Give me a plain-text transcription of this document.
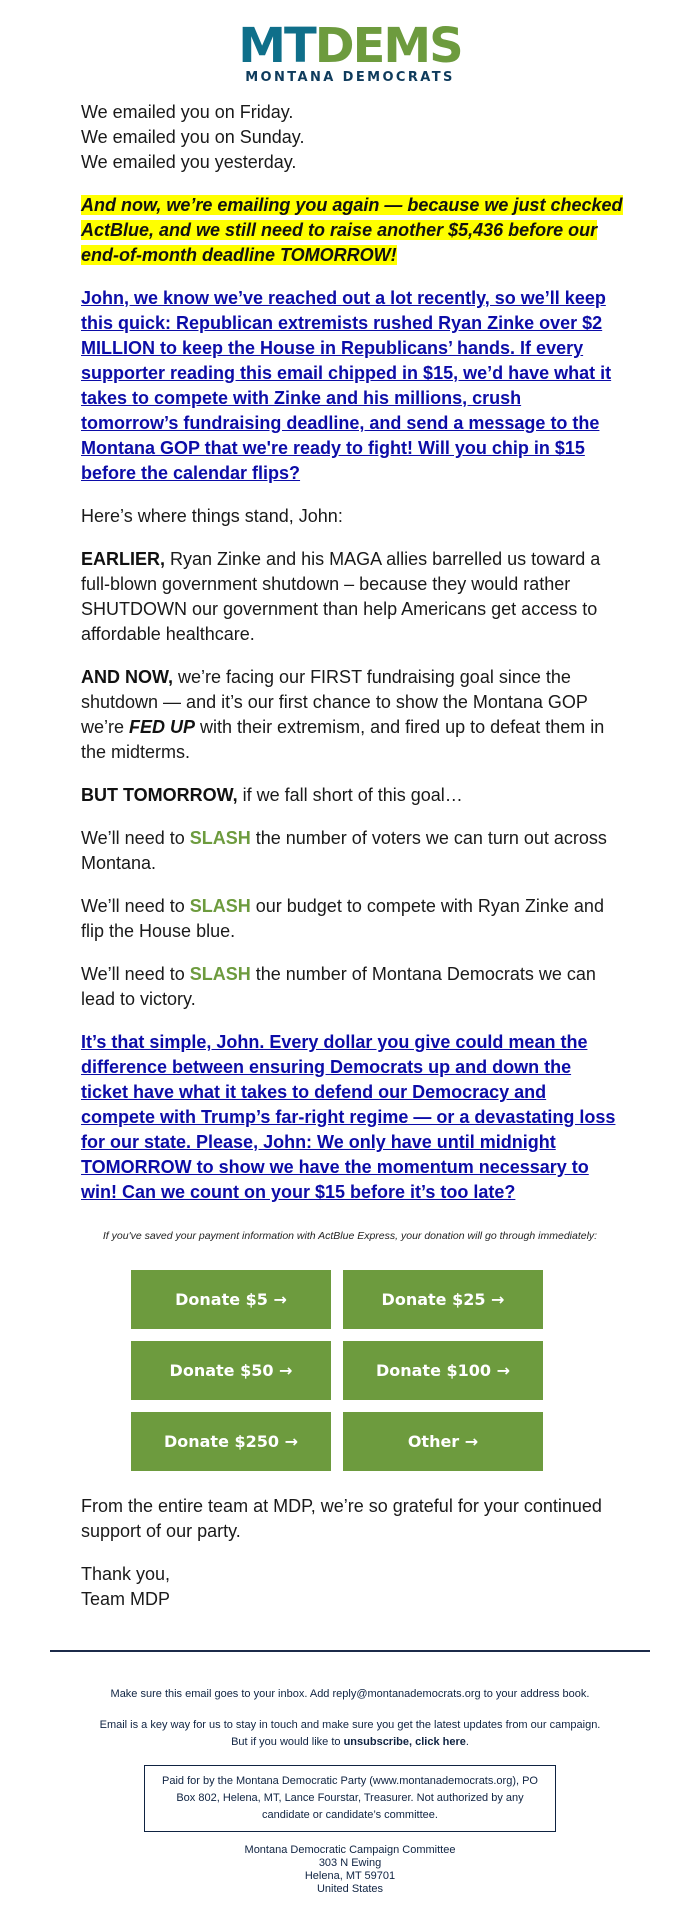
MTDEMS
MONTANA DEMOCRATS
We emailed you on Friday.
We emailed you on Sunday.
We emailed you yesterday.

And now, we’re emailing you again — because we just checked ActBlue, and we still need to raise another $5,436 before our end-of-month deadline TOMORROW!

John, we know we’ve reached out a lot recently, so we’ll keep this quick: Republican extremists rushed Ryan Zinke over $2 MILLION to keep the House in Republicans’ hands. If every supporter reading this email chipped in $15, we’d have what it takes to compete with Zinke and his millions, crush tomorrow’s fundraising deadline, and send a message to the Montana GOP that we're ready to fight! Will you chip in $15 before the calendar flips?

Here’s where things stand, John:

EARLIER, Ryan Zinke and his MAGA allies barrelled us toward a full-blown government shutdown – because they would rather SHUTDOWN our government than help Americans get access to affordable healthcare.

AND NOW, we’re facing our FIRST fundraising goal since the shutdown — and it’s our first chance to show the Montana GOP we’re FED UP with their extremism, and fired up to defeat them in the midterms.

BUT TOMORROW, if we fall short of this goal…

We’ll need to SLASH the number of voters we can turn out across Montana.

We’ll need to SLASH our budget to compete with Ryan Zinke and flip the House blue.

We’ll need to SLASH the number of Montana Democrats we can lead to victory.

It’s that simple, John. Every dollar you give could mean the difference between ensuring Democrats up and down the ticket have what it takes to defend our Democracy and compete with Trump’s far-right regime — or a devastating loss for our state. Please, John: We only have until midnight TOMORROW to show we have the momentum necessary to win! Can we count on your $15 before it’s too late?

If you've saved your payment information with ActBlue Express, your donation will go through immediately:
Donate $5 →	Donate $25 →
Donate $50 →	Donate $100 →
Donate $250 →	Other →

From the entire team at MDP, we’re so grateful for your continued support of our party.

Thank you,
Team MDP

Make sure this email goes to your inbox. Add reply@montanademocrats.org to your address book.

Email is a key way for us to stay in touch and make sure you get the latest updates from our campaign.
But if you would like to unsubscribe, click here.

Paid for by the Montana Democratic Party (www.montanademocrats.org), PO Box 802, Helena, MT, Lance Fourstar, Treasurer. Not authorized by any candidate or candidate’s committee.
Montana Democratic Campaign Committee
303 N Ewing
Helena, MT 59701
United States
